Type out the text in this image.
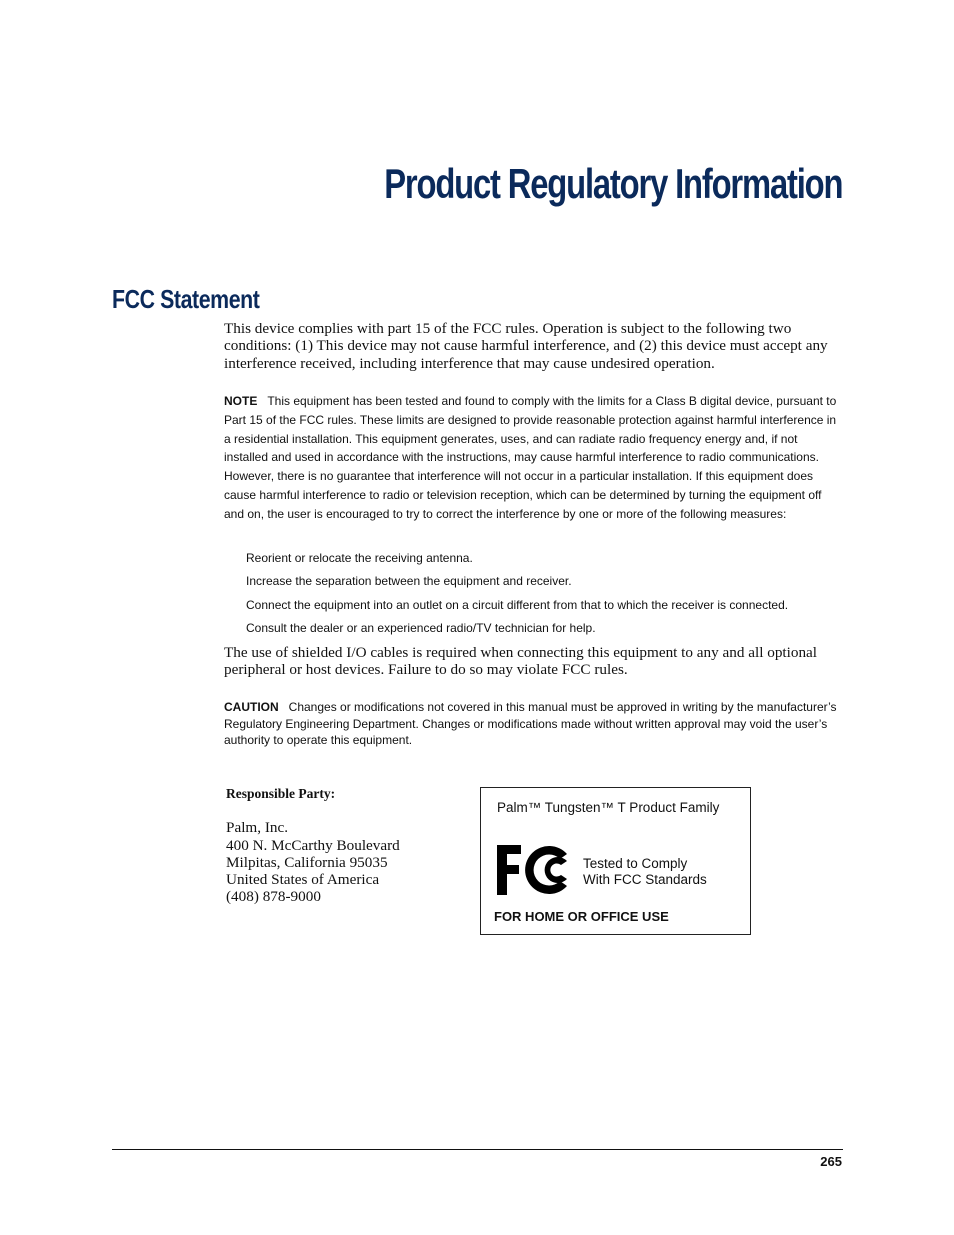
Product Regulatory Information
FCC Statement

This device complies with part 15 of the FCC rules. Operation is subject to the following two conditions: (1) This device may not cause harmful interference, and (2) this device must accept any interference received, including interference that may cause undesired operation.

NOTE This equipment has been tested and found to comply with the limits for a Class B digital device, pursuant to Part 15 of the FCC rules. These limits are designed to provide reasonable protection against harmful interference in a residential installation. This equipment generates, uses, and can radiate radio frequency energy and, if not installed and used in accordance with the instructions, may cause harmful interference to radio communications. However, there is no guarantee that interference will not occur in a particular installation. If this equipment does cause harmful interference to radio or television reception, which can be determined by turning the equipment off and on, the user is encouraged to try to correct the interference by one or more of the following measures:

Reorient or relocate the receiving antenna.
Increase the separation between the equipment and receiver.
Connect the equipment into an outlet on a circuit different from that to which the receiver is connected.
Consult the dealer or an experienced radio/TV technician for help.

The use of shielded I/O cables is required when connecting this equipment to any and all optional peripheral or host devices. Failure to do so may violate FCC rules.

CAUTION Changes or modifications not covered in this manual must be approved in writing by the manufacturer’s Regulatory Engineering Department. Changes or modifications made without written approval may void the user’s authority to operate this equipment.

Responsible Party:
Palm, Inc.
400 N. McCarthy Boulevard
Milpitas, California 95035
United States of America
(408) 878-9000
Palm™ Tungsten™ T Product Family
Tested to Comply
With FCC Standards
FOR HOME OR OFFICE USE
265
